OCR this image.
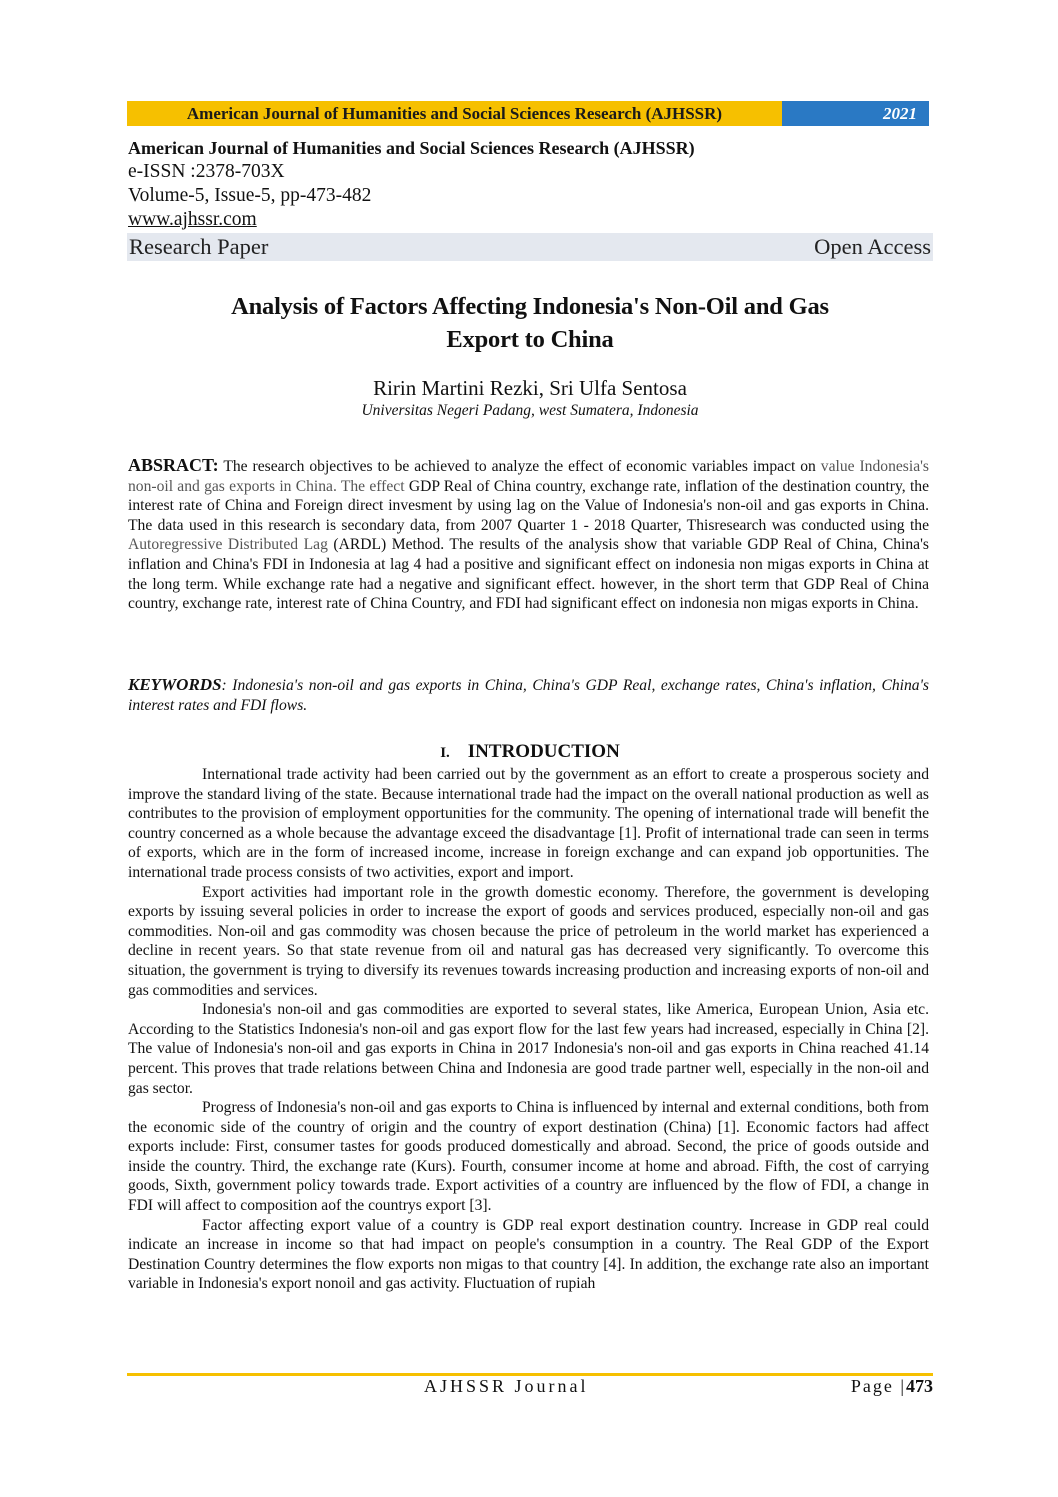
American Journal of Humanities and Social Sciences Research (AJHSSR)	2021
American Journal of Humanities and Social Sciences Research (AJHSSR)
e-ISSN :2378-703X
Volume-5, Issue-5, pp-473-482
www.ajhssr.com
Research Paper	Open Access
Analysis of Factors Affecting Indonesia's Non-Oil and Gas
Export to China
Ririn Martini Rezki, Sri Ulfa Sentosa
Universitas Negeri Padang, west Sumatera, Indonesia
ABSRACT: The research objectives to be achieved to analyze the effect of economic variables impact on value Indonesia's non-oil and gas exports in China. The effect GDP Real of China country, exchange rate, inflation of the destination country, the interest rate of China and Foreign direct invesment by using lag on the Value of Indonesia's non-oil and gas exports in China. The data used in this research is secondary data, from 2007 Quarter 1 - 2018 Quarter, Thisresearch was conducted using the Autoregressive Distributed Lag (ARDL) Method. The results of the analysis show that variable GDP Real of China, China's inflation and China's FDI in Indonesia at lag 4 had a positive and significant effect on indonesia non migas exports in China at the long term. While exchange rate had a negative and significant effect. however, in the short term that GDP Real of China country, exchange rate, interest rate of China Country, and FDI had significant effect on indonesia non migas exports in China.
KEYWORDS: Indonesia's non-oil and gas exports in China, China's GDP Real, exchange rates, China's inflation, China's interest rates and FDI flows.
I. INTRODUCTION

International trade activity had been carried out by the government as an effort to create a prosperous society and improve the standard living of the state. Because international trade had the impact on the overall national production as well as contributes to the provision of employment opportunities for the community. The opening of international trade will benefit the country concerned as a whole because the advantage exceed the disadvantage [1]. Profit of international trade can seen in terms of exports, which are in the form of increased income, increase in foreign exchange and can expand job opportunities. The international trade process consists of two activities, export and import.

Export activities had important role in the growth domestic economy. Therefore, the government is developing exports by issuing several policies in order to increase the export of goods and services produced, especially non-oil and gas commodities. Non-oil and gas commodity was chosen because the price of petroleum in the world market has experienced a decline in recent years. So that state revenue from oil and natural gas has decreased very significantly. To overcome this situation, the government is trying to diversify its revenues towards increasing production and increasing exports of non-oil and gas commodities and services.

Indonesia's non-oil and gas commodities are exported to several states, like America, European Union, Asia etc. According to the Statistics Indonesia's non-oil and gas export flow for the last few years had increased, especially in China [2]. The value of Indonesia's non-oil and gas exports in China in 2017 Indonesia's non-oil and gas exports in China reached 41.14 percent. This proves that trade relations between China and Indonesia are good trade partner well, especially in the non-oil and gas sector.

Progress of Indonesia's non-oil and gas exports to China is influenced by internal and external conditions, both from the economic side of the country of origin and the country of export destination (China) [1]. Economic factors had affect exports include: First, consumer tastes for goods produced domestically and abroad. Second, the price of goods outside and inside the country. Third, the exchange rate (Kurs). Fourth, consumer income at home and abroad. Fifth, the cost of carrying goods, Sixth, government policy towards trade. Export activities of a country are influenced by the flow of FDI, a change in FDI will affect to composition aof the countrys export [3].

Factor affecting export value of a country is GDP real export destination country. Increase in GDP real could indicate an increase in income so that had impact on people's consumption in a country. The Real GDP of the Export Destination Country determines the flow exports non migas to that country [4]. In addition, the exchange rate also an important variable in Indonesia's export nonoil and gas activity. Fluctuation of rupiah

AJHSSR Journal	Page |473
